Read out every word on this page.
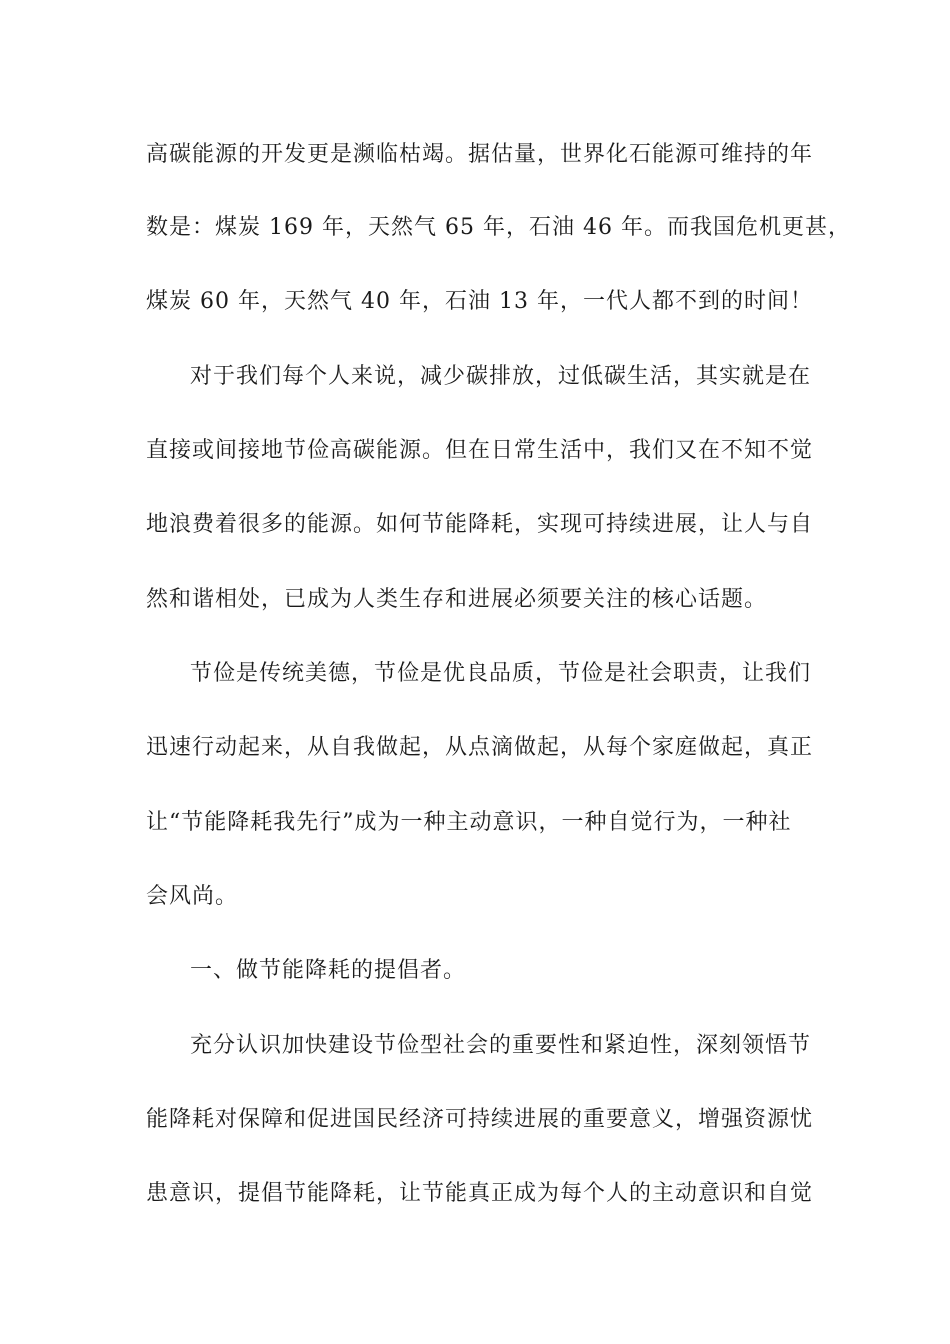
高碳能源的开发更是濒临枯竭。据估量，世界化石能源可维持的年
数是：煤炭 169 年，天然气 65 年，石油 46 年。而我国危机更甚，
煤炭 60 年，天然气 40 年，石油 13 年，一代人都不到的时间！
对于我们每个人来说，减少碳排放，过低碳生活，其实就是在
直接或间接地节俭高碳能源。但在日常生活中，我们又在不知不觉
地浪费着很多的能源。如何节能降耗，实现可持续进展，让人与自
然和谐相处，已成为人类生存和进展必须要关注的核心话题。
节俭是传统美德，节俭是优良品质，节俭是社会职责，让我们
迅速行动起来，从自我做起，从点滴做起，从每个家庭做起，真正
让“节能降耗我先行”成为一种主动意识，一种自觉行为，一种社
会风尚。
一、做节能降耗的提倡者。
充分认识加快建设节俭型社会的重要性和紧迫性，深刻领悟节
能降耗对保障和促进国民经济可持续进展的重要意义，增强资源忧
患意识，提倡节能降耗，让节能真正成为每个人的主动意识和自觉
